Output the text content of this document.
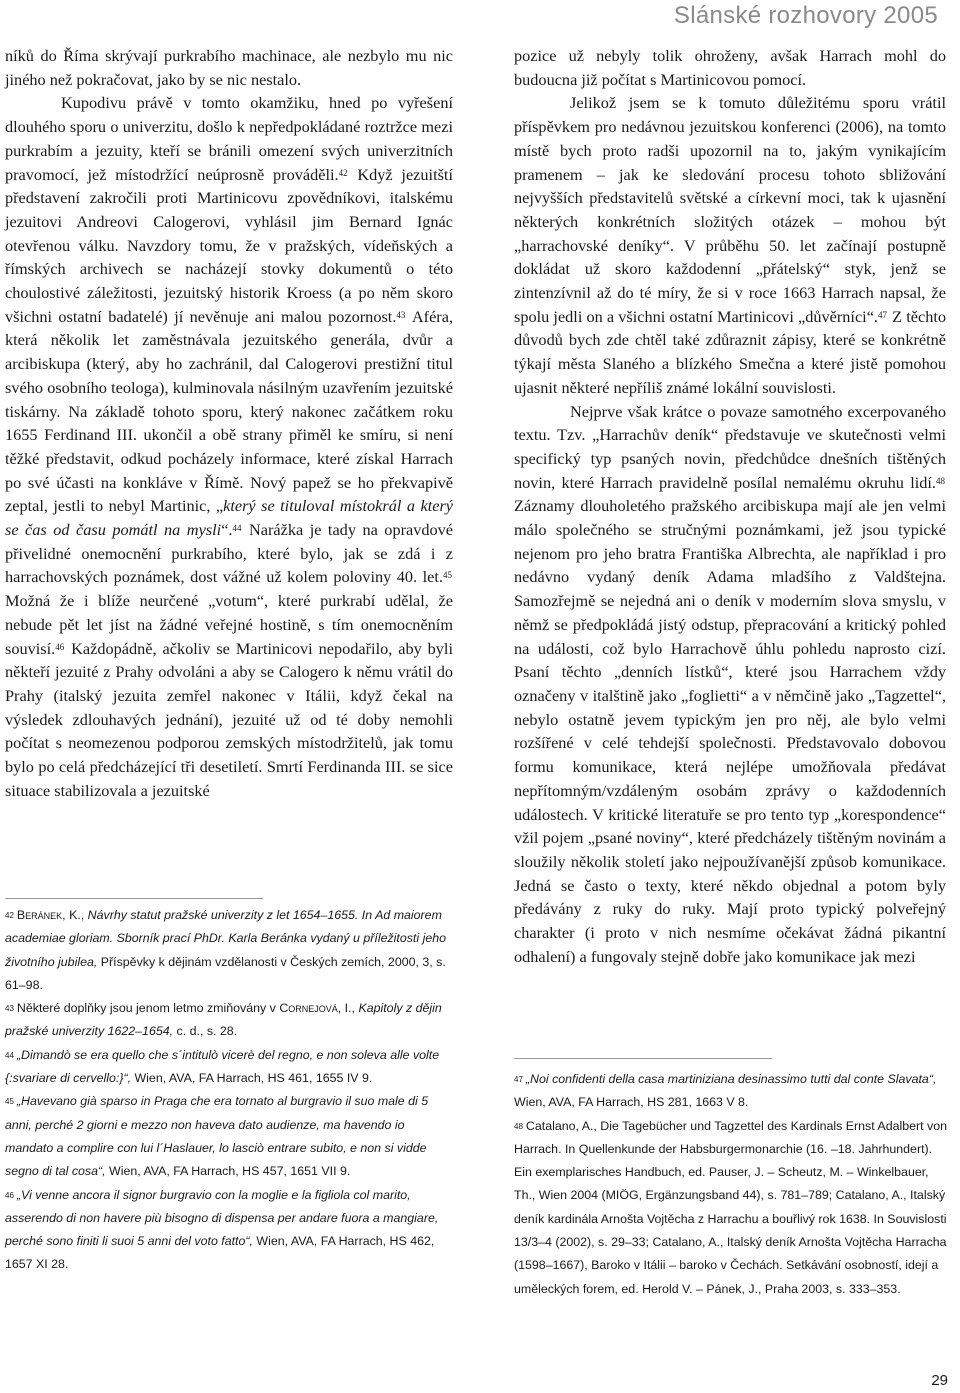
Slánské rozhovory 2005

níků do Říma skrývají purkrabího machinace, ale nezbylo mu nic jiného než pokračovat, jako by se nic nestalo.

Kupodivu právě v tomto okamžiku, hned po vyřešení dlouhého sporu o univerzitu, došlo k nepředpokládané roztržce mezi purkrabím a jezuity, kteří se bránili omezení svých univerzitních pravomocí, jež místodržící neúprosně prováděli.$^{42}$ Když jezuitští představení zakročili proti Martinicovu zpovědníkovi, italskému jezuitovi Andreovi Calogerovi, vyhlásil jim Bernard Ignác otevřenou válku. Navzdory tomu, že v pražských, vídeňských a římských archivech se nacházejí stovky dokumentů o této choulostivé záležitosti, jezuitský historik Kroess (a po něm skoro všichni ostatní badatelé) jí nevěnuje ani malou pozornost.$^{43}$ Aféra, která několik let zaměstnávala jezuitského generála, dvůr a arcibiskupa (který, aby ho zachránil, dal Calogerovi prestižní titul svého osobního teologa), kulminovala násilným uzavřením jezuitské tiskárny. Na základě tohoto sporu, který nakonec začátkem roku 1655 Ferdinand III. ukončil a obě strany přiměl ke smíru, si není těžké představit, odkud pocházely informace, které získal Harrach po své účasti na konkláve v Římě. Nový papež se ho překvapivě zeptal, jestli to nebyl Martinic, „který se tituloval místokrál a který se čas od času pomátl na mysli“.$^{44}$ Narážka je tady na opravdové přivelidné onemocnění purkrabího, které bylo, jak se zdá i z harrachovských poznámek, dost vážné už kolem poloviny 40. let.$^{45}$ Možná že i blíže neurčené „votum“, které purkrabí udělal, že nebude pět let jíst na žádné veřejné hostině, s tím onemocněním souvisí.$^{46}$ Každopádně, ačkoliv se Martinicovi nepodařilo, aby byli někteří jezuité z Prahy odvoláni a aby se Calogero k němu vrátil do Prahy (italský jezuita zemřel nakonec v Itálii, když čekal na výsledek zdlouhavých jednání), jezuité už od té doby nemohli počítat s neomezenou podporou zemských místodržitelů, jak tomu bylo po celá předcházející tři desetiletí. Smrtí Ferdinanda III. se sice situace stabilizovala a jezuitské

$^{42}$ Beránek, K., Návrhy statut pražské univerzity z let 1654–1655. In Ad maiorem academiae gloriam. Sborník prací PhDr. Karla Beránka vydaný u příležitosti jeho životního jubilea, Příspěvky k dějinám vzdělanosti v Českých zemích, 2000, 3, s. 61–98.

$^{43}$ Některé doplňky jsou jenom letmo zmiňovány v Cornejová, I., Kapitoly z dějin pražské univerzity 1622–1654, c. d., s. 28.

$^{44}$ „Dimandò se era quello che s´intitulò vicerè del regno, e non soleva alle volte {:svariare di cervello:}“, Wien, AVA, FA Harrach, HS 461, 1655 IV 9.

$^{45}$ „Havevano già sparso in Praga che era tornato al burgravio il suo male di 5 anni, perché 2 giorni e mezzo non haveva dato audienze, ma havendo io mandato a complire con lui l´Haslauer, lo lasciò entrare subito, e non si vidde segno di tal cosa“, Wien, AVA, FA Harrach, HS 457, 1651 VII 9.

$^{46}$ „Vi venne ancora il signor burgravio con la moglie e la figliola col marito, asserendo di non havere più bisogno di dispensa per andare fuora a mangiare, perché sono finiti li suoi 5 anni del voto fatto“, Wien, AVA, FA Harrach, HS 462, 1657 XI 28.

pozice už nebyly tolik ohroženy, avšak Harrach mohl do budoucna již počítat s Martinicovou pomocí.

Jelikož jsem se k tomuto důležitému sporu vrátil příspěvkem pro nedávnou jezuitskou konferenci (2006), na tomto místě bych proto radši upozornil na to, jakým vynikajícím pramenem – jak ke sledování procesu tohoto sbližování nejvyšších představitelů světské a církevní moci, tak k ujasnění některých konkrétních složitých otázek – mohou být „harrachovské deníky“. V průběhu 50. let začínají postupně dokládat už skoro každodenní „přátelský“ styk, jenž se zintenzívnil až do té míry, že si v roce 1663 Harrach napsal, že spolu jedli on a všichni ostatní Martinicovi „důvěrníci“.$^{47}$ Z těchto důvodů bych zde chtěl také zdůraznit zápisy, které se konkrétně týkají města Slaného a blízkého Smečna a které jistě pomohou ujasnit některé nepříliš známé lokální souvislosti.

Nejprve však krátce o povaze samotného excerpovaného textu. Tzv. „Harrachův deník“ představuje ve skutečnosti velmi specifický typ psaných novin, předchůdce dnešních tištěných novin, které Harrach pravidelně posílal nemalému okruhu lidí.$^{48}$ Záznamy dlouholetého pražského arcibiskupa mají ale jen velmi málo společného se stručnými poznámkami, jež jsou typické nejenom pro jeho bratra Františka Albrechta, ale například i pro nedávno vydaný deník Adama mladšího z Valdštejna. Samozřejmě se nejedná ani o deník v moderním slova smyslu, v němž se předpokládá jistý odstup, přepracování a kritický pohled na události, což bylo Harrachově úhlu pohledu naprosto cizí. Psaní těchto „denních lístků“, které jsou Harrachem vždy označeny v italštině jako „foglietti“ a v němčině jako „Tagzettel“, nebylo ostatně jevem typickým jen pro něj, ale bylo velmi rozšířené v celé tehdejší společnosti. Představovalo dobovou formu komunikace, která nejlépe umožňovala předávat nepřítomným/vzdáleným osobám zprávy o každodenních událostech. V kritické literatuře se pro tento typ „korespondence“ vžil pojem „psané noviny“, které předcházely tištěným novinám a sloužily několik století jako nejpoužívanější způsob komunikace. Jedná se často o texty, které někdo objednal a potom byly předávány z ruky do ruky. Mají proto typický polveřejný charakter (i proto v nich nesmíme očekávat žádná pikantní odhalení) a fungovaly stejně dobře jako komunikace jak mezi

$^{47}$ „Noi confidenti della casa martiniziana desinassimo tutti dal conte Slavata“, Wien, AVA, FA Harrach, HS 281, 1663 V 8.

$^{48}$ Catalano, A., Die Tagebücher und Tagzettel des Kardinals Ernst Adalbert von Harrach. In Quellenkunde der Habsburgermonarchie (16. –18. Jahrhundert). Ein exemplarisches Handbuch, ed. Pauser, J. – Scheutz, M. – Winkelbauer, Th., Wien 2004 (MIÖG, Ergänzungsband 44), s. 781–789; Catalano, A., Italský deník kardinála Arnošta Vojtěcha z Harrachu a bouřlivý rok 1638. In Souvislosti 13/3–4 (2002), s. 29–33; Catalano, A., Italský deník Arnošta Vojtěcha Harracha (1598–1667), Baroko v Itálii – baroko v Čechách. Setkávání osobností, idejí a uměleckých forem, ed. Herold V. – Pánek, J., Praha 2003, s. 333–353.

29
